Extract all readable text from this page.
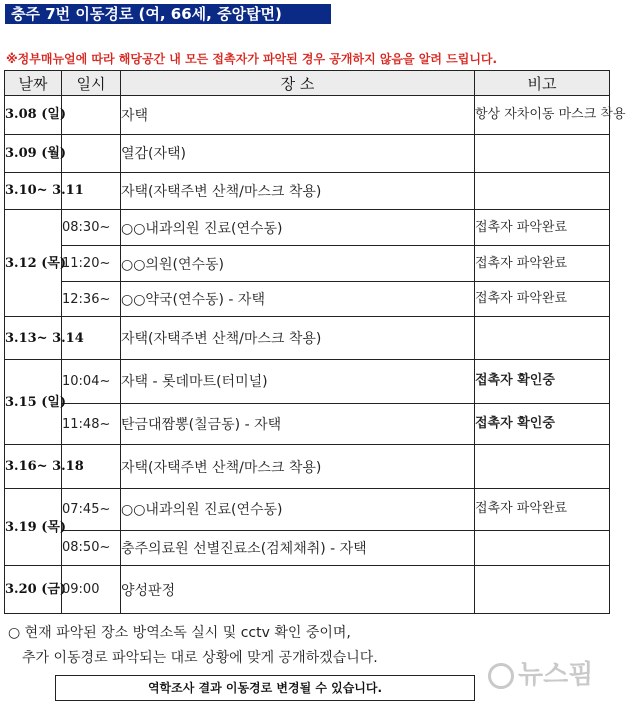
충주 7번 이동경로 (여, 66세, 중앙탑면)
※정부매뉴얼에 따라 해당공간 내 모든 접촉자가 파악된 경우 공개하지 않음을 알려 드립니다.
날짜	일시	장 소	비고
3.08 (일)		자택	항상 자차이동 마스크 착용
3.09 (월)		열감(자택)	
3.10~ 3.11		자택(자택주변 산책/마스크 착용)	
3.12 (목)	08:30~	○○내과의원 진료(연수동)	접촉자 파악완료
	11:20~	○○의원(연수동)	접촉자 파악완료
	12:36~	○○약국(연수동) - 자택	접촉자 파악완료
3.13~ 3.14		자택(자택주변 산책/마스크 착용)	
3.15 (일)	10:04~	자택 - 롯데마트(터미널)	접촉자 확인중
	11:48~	탄금대짬뽕(칠금동) - 자택	접촉자 확인중
3.16~ 3.18		자택(자택주변 산책/마스크 착용)	
3.19 (목)	07:45~	○○내과의원 진료(연수동)	접촉자 파악완료
	08:50~	충주의료원 선별진료소(검체채취) - 자택	
3.20 (금)	09:00	양성판정	
○ 현재 파악된 장소 방역소독 실시 및 cctv 확인 중이며,
추가 이동경로 파악되는 대로 상황에 맞게 공개하겠습니다.
역학조사 결과 이동경로 변경될 수 있습니다.	뉴스핌
